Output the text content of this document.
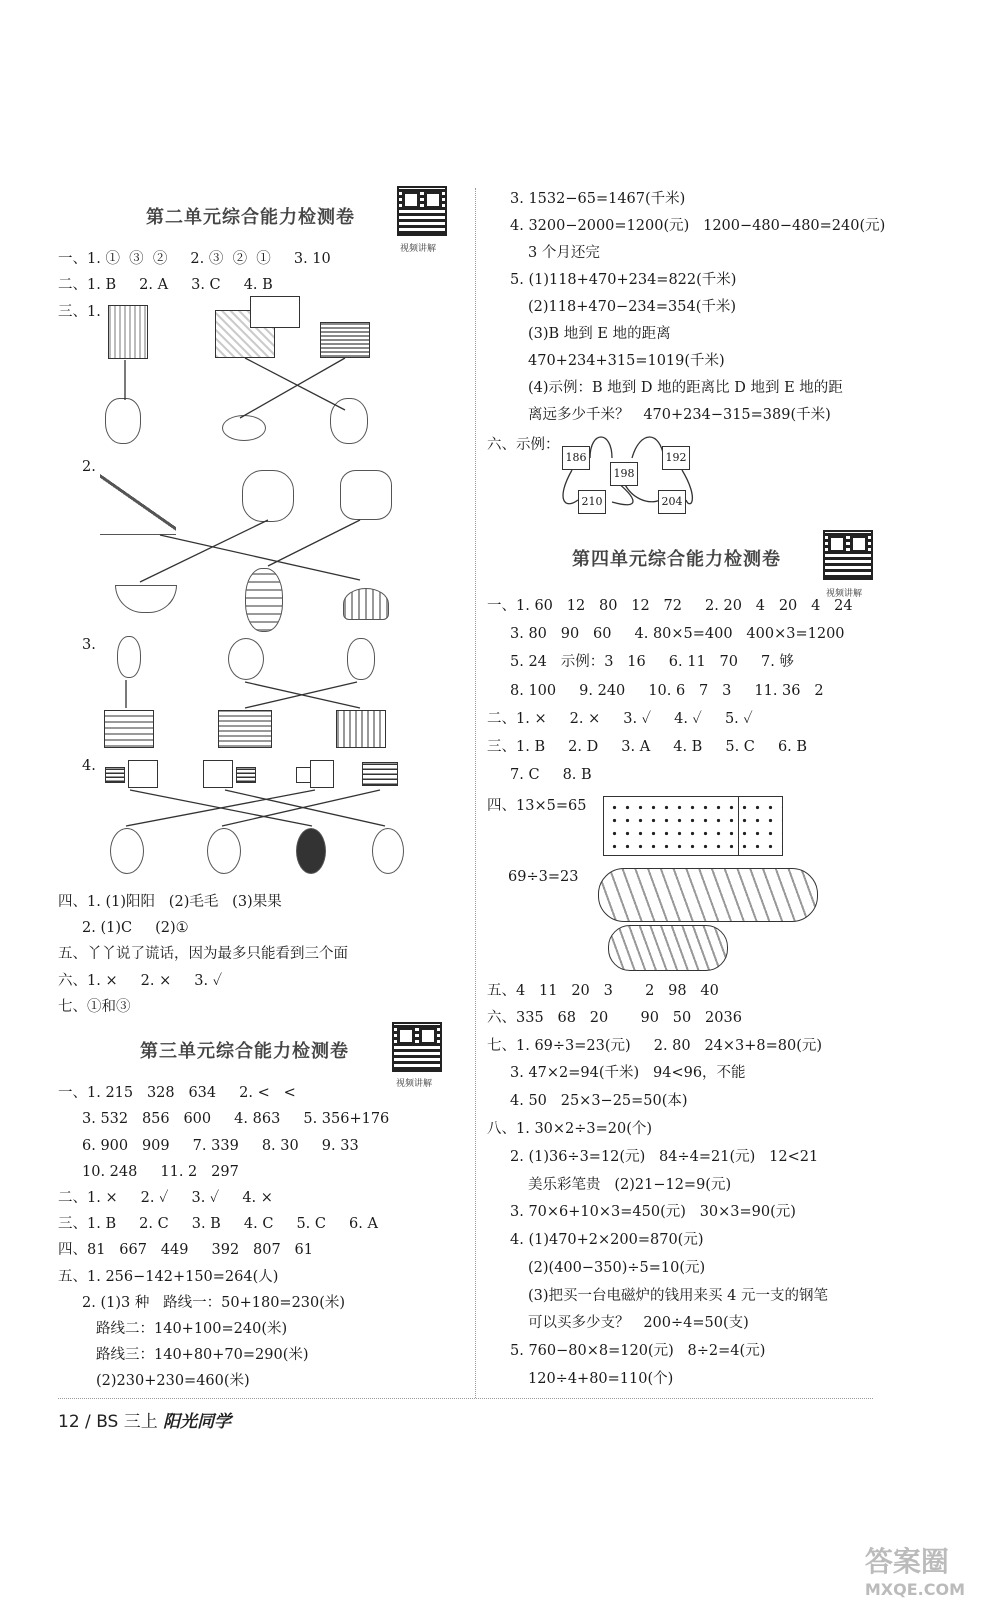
第二单元综合能力检测卷
视频讲解
一、1. ①  ③  ②     2. ③  ②  ①     3. 10
二、1. B     2. A     3. C     4. B
三、1.
2.
3.
4.
四、1. (1)阳阳   (2)毛毛   (3)果果
2. (1)C     (2)①
五、丫丫说了谎话，因为最多只能看到三个面
六、1. ×     2. ×     3. ✓
七、①和③
第三单元综合能力检测卷
视频讲解
一、1. 215   328   634     2. <   <
3. 532   856   600     4. 863     5. 356+176
6. 900   909     7. 339     8. 30     9. 33
10. 248     11. 2   297
二、1. ×     2. ✓     3. ✓     4. ×
三、1. B     2. C     3. B     4. C     5. C     6. A
四、81   667   449     392   807   61
五、1. 256−142+150=264(人)
2. (1)3 种   路线一：50+180=230(米)
路线二：140+100=240(米)
路线三：140+80+70=290(米)
(2)230+230=460(米)
3. 1532−65=1467(千米)
4. 3200−2000=1200(元)   1200−480−480=240(元)
3 个月还完
5. (1)118+470+234=822(千米)
(2)118+470−234=354(千米)
(3)B 地到 E 地的距离
470+234+315=1019(千米)
(4)示例：B 地到 D 地的距离比 D 地到 E 地的距
离远多少千米？   470+234−315=389(千米)
六、示例：
186
198
192
210	204
第四单元综合能力检测卷
视频讲解
一、1. 60   12   80   12   72     2. 20   4   20   4   24
3. 80   90   60     4. 80×5=400   400×3=1200
5. 24   示例：3   16     6. 11   70     7. 够
8. 100     9. 240     10. 6   7   3     11. 36   2
二、1. ×     2. ×     3. ✓     4. ✓     5. ✓
三、1. B     2. D     3. A     4. B     5. C     6. B
7. C     8. B
四、13×5=65
69÷3=23
五、4   11   20   3       2   98   40
六、335   68   20       90   50   2036
七、1. 69÷3=23(元)     2. 80   24×3+8=80(元)
3. 47×2=94(千米)   94<96，不能
4. 50   25×3−25=50(本)
八、1. 30×2÷3=20(个)
2. (1)36÷3=12(元)   84÷4=21(元)   12<21
美乐彩笔贵   (2)21−12=9(元)
3. 70×6+10×3=450(元)   30×3=90(元)
4. (1)470+2×200=870(元)
(2)(400−350)÷5=10(元)
(3)把买一台电磁炉的钱用来买 4 元一支的钢笔
可以买多少支？   200÷4=50(支)
5. 760−80×8=120(元)   8÷2=4(元)
120÷4+80=110(个)
12 / BS 三上 阳光同学
答案圈
MXQE.COM
